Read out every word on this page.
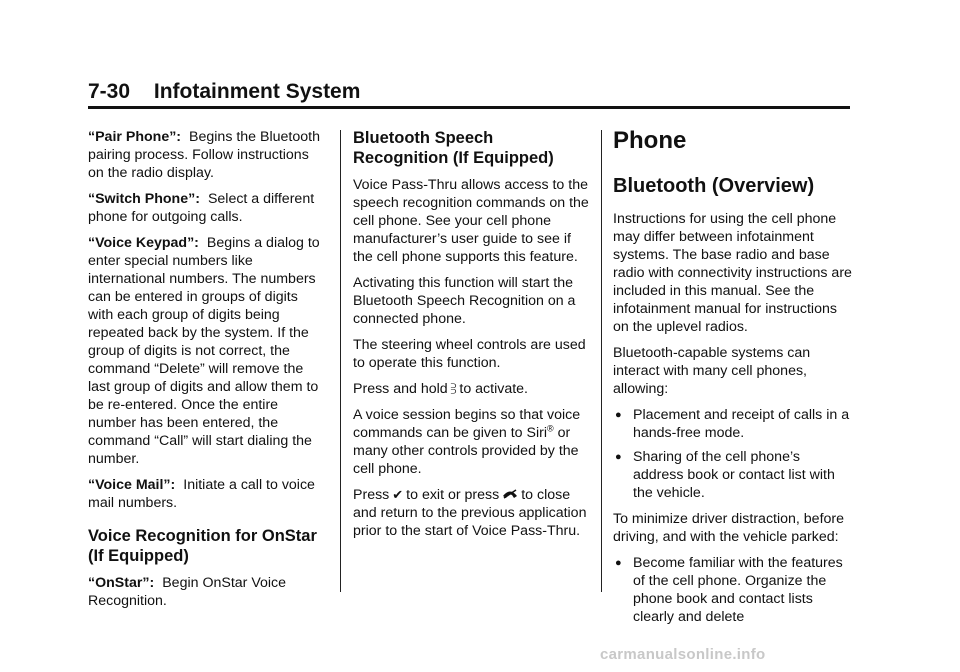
7-30 Infotainment System

“Pair Phone”: Begins the Bluetooth pairing process. Follow instructions on the radio display.

“Switch Phone”: Select a different phone for outgoing calls.

“Voice Keypad”: Begins a dialog to enter special numbers like international numbers. The numbers can be entered in groups of digits with each group of digits being repeated back by the system. If the group of digits is not correct, the command “Delete” will remove the last group of digits and allow them to be re-entered. Once the entire number has been entered, the command “Call” will start dialing the number.

“Voice Mail”: Initiate a call to voice mail numbers.

Voice Recognition for OnStar (If Equipped)

“OnStar”: Begin OnStar Voice Recognition.

Bluetooth Speech Recognition (If Equipped)

Voice Pass-Thru allows access to the speech recognition commands on the cell phone. See your cell phone manufacturer’s user guide to see if the cell phone supports this feature.

Activating this function will start the Bluetooth Speech Recognition on a connected phone.

The steering wheel controls are used to operate this function.

Press and hold ⫖ to activate.

A voice session begins so that voice commands can be given to Siri® or many other controls provided by the cell phone.

Press ✔ to exit or press to close and return to the previous application prior to the start of Voice Pass-Thru.

Phone
Bluetooth (Overview)

Instructions for using the cell phone may differ between infotainment systems. The base radio and base radio with connectivity instructions are included in this manual. See the infotainment manual for instructions on the uplevel radios.

Bluetooth-capable systems can interact with many cell phones, allowing:

● Placement and receipt of calls in a hands-free mode.
● Sharing of the cell phone’s address book or contact list with the vehicle.

To minimize driver distraction, before driving, and with the vehicle parked:

● Become familiar with the features of the cell phone. Organize the phone book and contact lists clearly and delete
carmanualsonline.info
